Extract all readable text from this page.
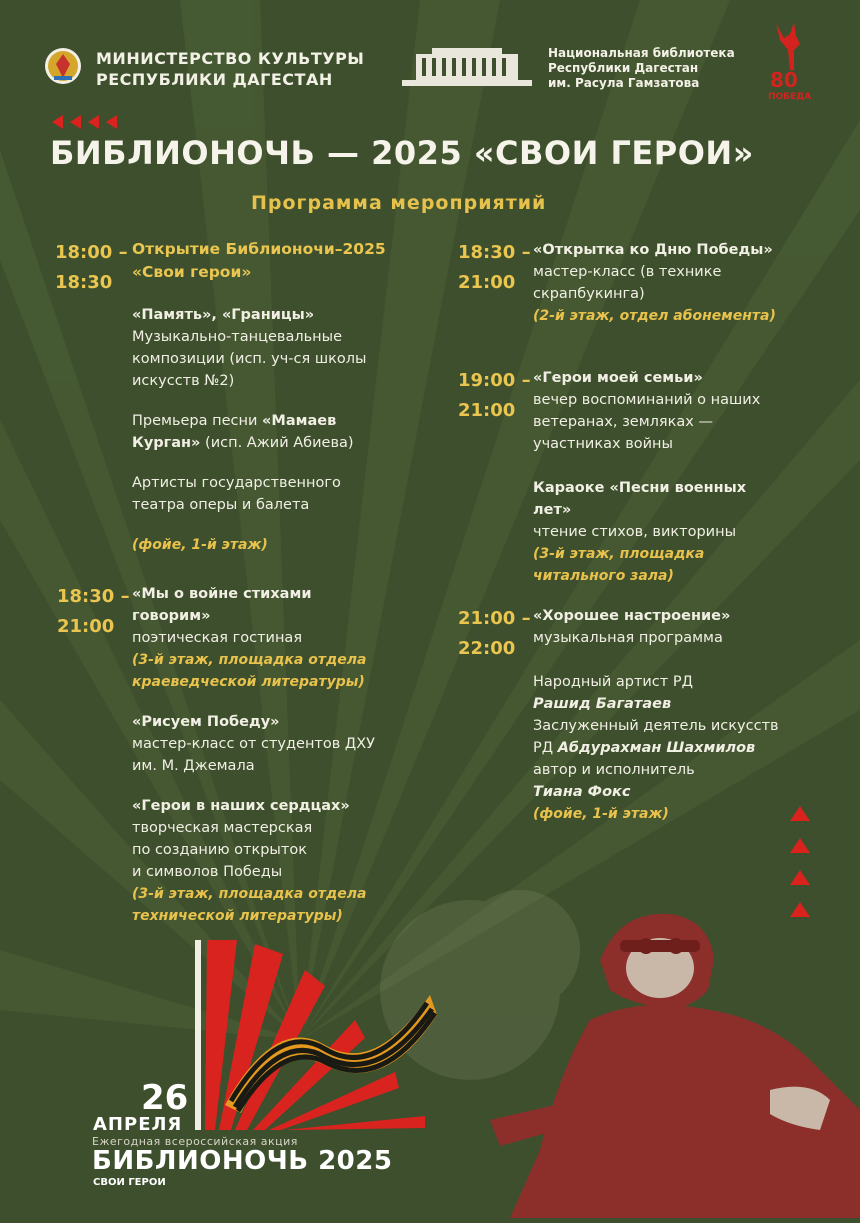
МИНИСТЕРСТВО КУЛЬТУРЫ
РЕСПУБЛИКИ ДАГЕСТАН
Национальная библиотека
Республики Дагестан
им. Расула Гамзатова	80
ПОБЕДА
БИБЛИОНОЧЬ — 2025 «СВОИ ГЕРОИ»
Программа мероприятий
18:00 –
18:30
Открытие Библионочи–2025
«Свои герои»
«Память», «Границы»
Музыкально-танцевальные
композиции (исп. уч-ся школы
искусств №2)
Премьера песни «Мамаев
Курган» (исп. Ажий Абиева)
Артисты государственного
театра оперы и балета
(фойе, 1-й этаж)
18:30 –
21:00
«Мы о войне стихами
говорим»
поэтическая гостиная
(3-й этаж, площадка отдела
краеведческой литературы)
«Рисуем Победу»
мастер-класс от студентов ДХУ
им. М. Джемала
«Герои в наших сердцах»
творческая мастерская
по созданию открыток
и символов Победы
(3-й этаж, площадка отдела
технической литературы)
18:30 –
21:00
«Открытка ко Дню Победы»
мастер-класс (в технике
скрапбукинга)
(2-й этаж, отдел абонемента)
19:00 –
21:00
«Герои моей семьи»
вечер воспоминаний о наших
ветеранах, земляках —
участниках войны
Караоке «Песни военных
лет»
чтение стихов, викторины
(3-й этаж, площадка
читального зала)
21:00 –
22:00
«Хорошее настроение»
музыкальная программа
Народный артист РД
Рашид Багатаев
Заслуженный деятель искусств
РД Абдурахман Шахмилов
автор и исполнитель
Тиана Фокс
(фойе, 1-й этаж)
26
АПРЕЛЯ
Ежегодная всероссийская акция
БИБЛИОНОЧЬ 2025
СВОИ ГЕРОИ
